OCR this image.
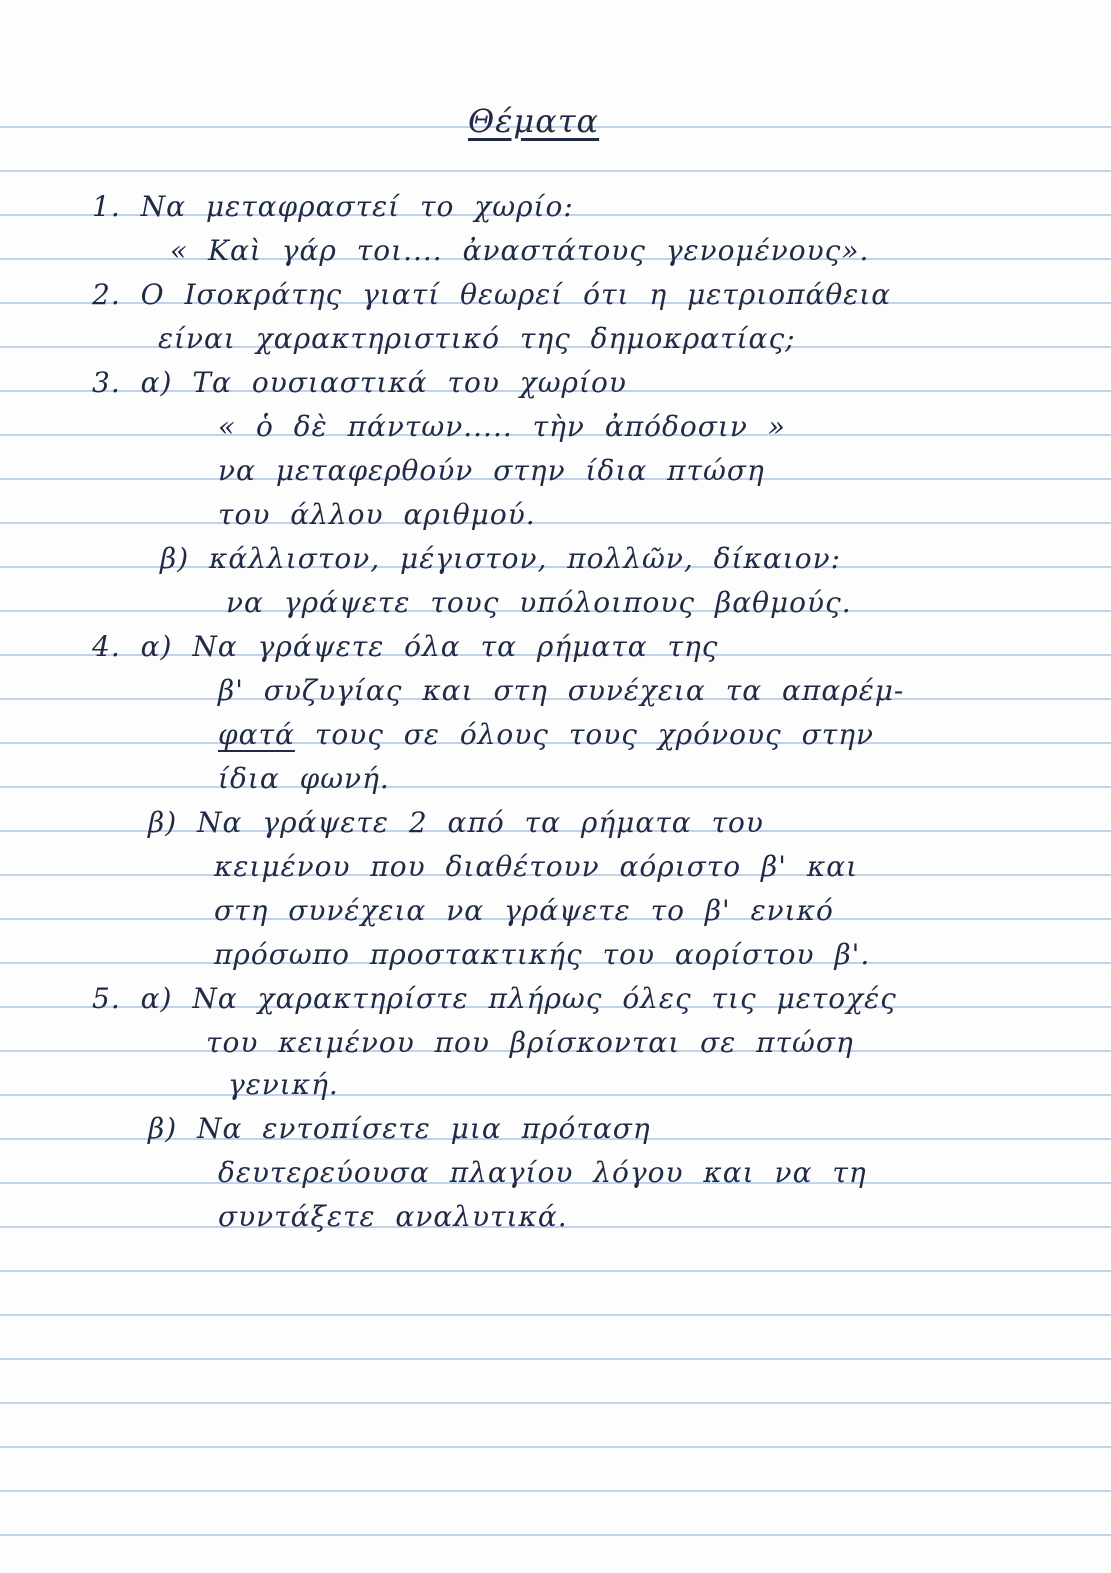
Θέματα

1. Να μεταφραστεί το χωρίο:

« Καὶ γάρ τοι.... ἀναστάτους γενομένους».

2. Ο Ισοκράτης γιατί θεωρεί ότι η μετριοπάθεια

είναι χαρακτηριστικό της δημοκρατίας;

3. α) Τα ουσιαστικά του χωρίου

« ὁ δὲ πάντων..... τὴν ἀπόδοσιν »

να μεταφερθούν στην ίδια πτώση

του άλλου αριθμού.

β) κάλλιστον, μέγιστον, πολλῶν, δίκαιον:

να γράψετε τους υπόλοιπους βαθμούς.

4. α) Να γράψετε όλα τα ρήματα της

β' συζυγίας και στη συνέχεια τα απαρέμ-

φατά τους σε όλους τους χρόνους στην

ίδια φωνή.

β) Να γράψετε 2 από τα ρήματα του

κειμένου που διαθέτουν αόριστο β' και

στη συνέχεια να γράψετε το β' ενικό

πρόσωπο προστακτικής του αορίστου β'.

5. α) Να χαρακτηρίστε πλήρως όλες τις μετοχές

του κειμένου που βρίσκονται σε πτώση

γενική.

β) Να εντοπίσετε μια πρόταση

δευτερεύουσα πλαγίου λόγου και να τη

συντάξετε αναλυτικά.
